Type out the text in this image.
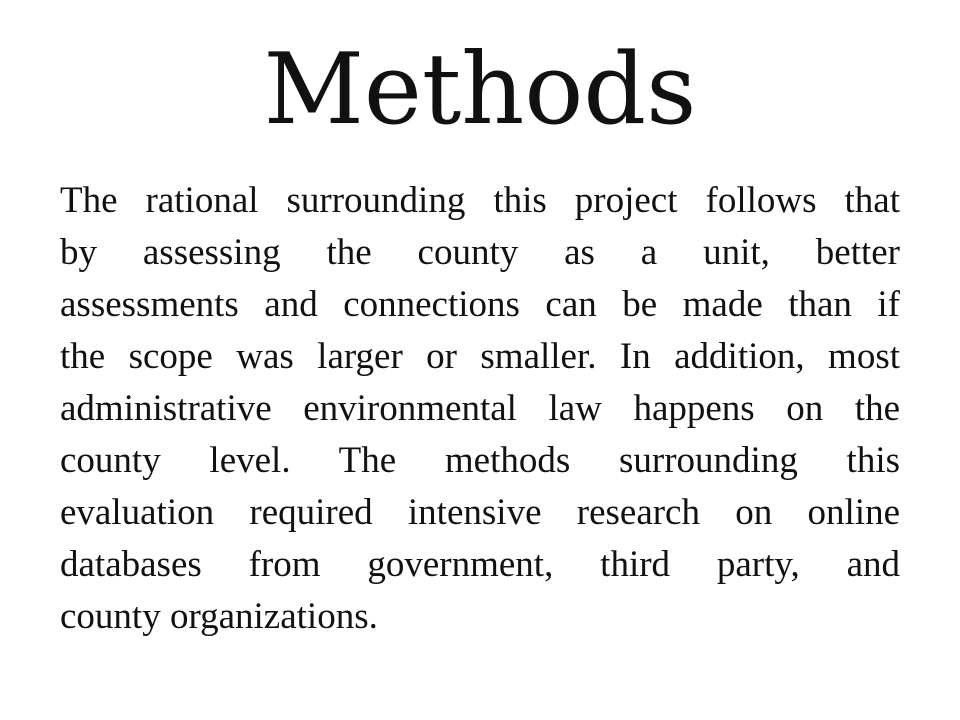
Methods

The rational surrounding this project follows that

by assessing the county as a unit, better

assessments and connections can be made than if

the scope was larger or smaller. In addition, most

administrative environmental law happens on the

county level. The methods surrounding this

evaluation required intensive research on online

databases from government, third party, and

county organizations.
